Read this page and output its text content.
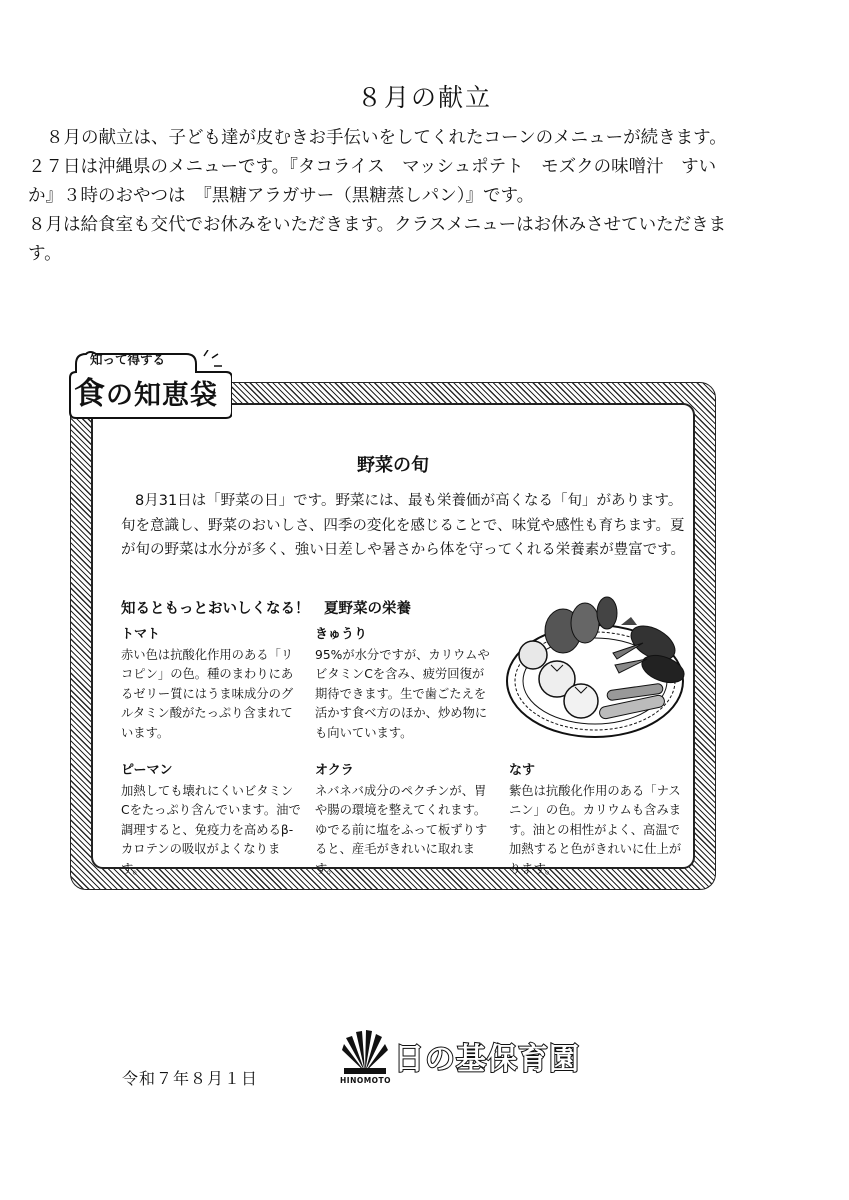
８月の献立

８月の献立は、子ども達が皮むきお手伝いをしてくれたコーンのメニューが続きます。２７日は沖縄県のメニューです。『タコライス　マッシュポテト　モズクの味噌汁　すいか』３時のおやつは　『黒糖アラガサー（黒糖蒸しパン）』です。

８月は給食室も交代でお休みをいただきます。クラスメニューはお休みさせていただきます。

野菜の旬

8月31日は「野菜の日」です。野菜には、最も栄養価が高くなる「旬」があります。旬を意識し、野菜のおいしさ、四季の変化を感じることで、味覚や感性も育ちます。夏が旬の野菜は水分が多く、強い日差しや暑さから体を守ってくれる栄養素が豊富です。

知るともっとおいしくなる！　夏野菜の栄養
トマト

赤い色は抗酸化作用のある「リコピン」の色。種のまわりにあるゼリー質にはうま味成分のグルタミン酸がたっぷり含まれています。

きゅうり

95%が水分ですが、カリウムやビタミンCを含み、疲労回復が期待できます。生で歯ごたえを活かす食べ方のほか、炒め物にも向いています。

ピーマン

加熱しても壊れにくいビタミンCをたっぷり含んでいます。油で調理すると、免疫力を高めるβ-カロテンの吸収がよくなります。

オクラ

ネバネバ成分のペクチンが、胃や腸の環境を整えてくれます。ゆでる前に塩をふって板ずりすると、産毛がきれいに取れます。

なす

紫色は抗酸化作用のある「ナスニン」の色。カリウムも含みます。油との相性がよく、高温で加熱すると色がきれいに仕上がります。

知って得する
食の知恵袋
令和７年８月１日	HINOMOTO
日の基保育園
